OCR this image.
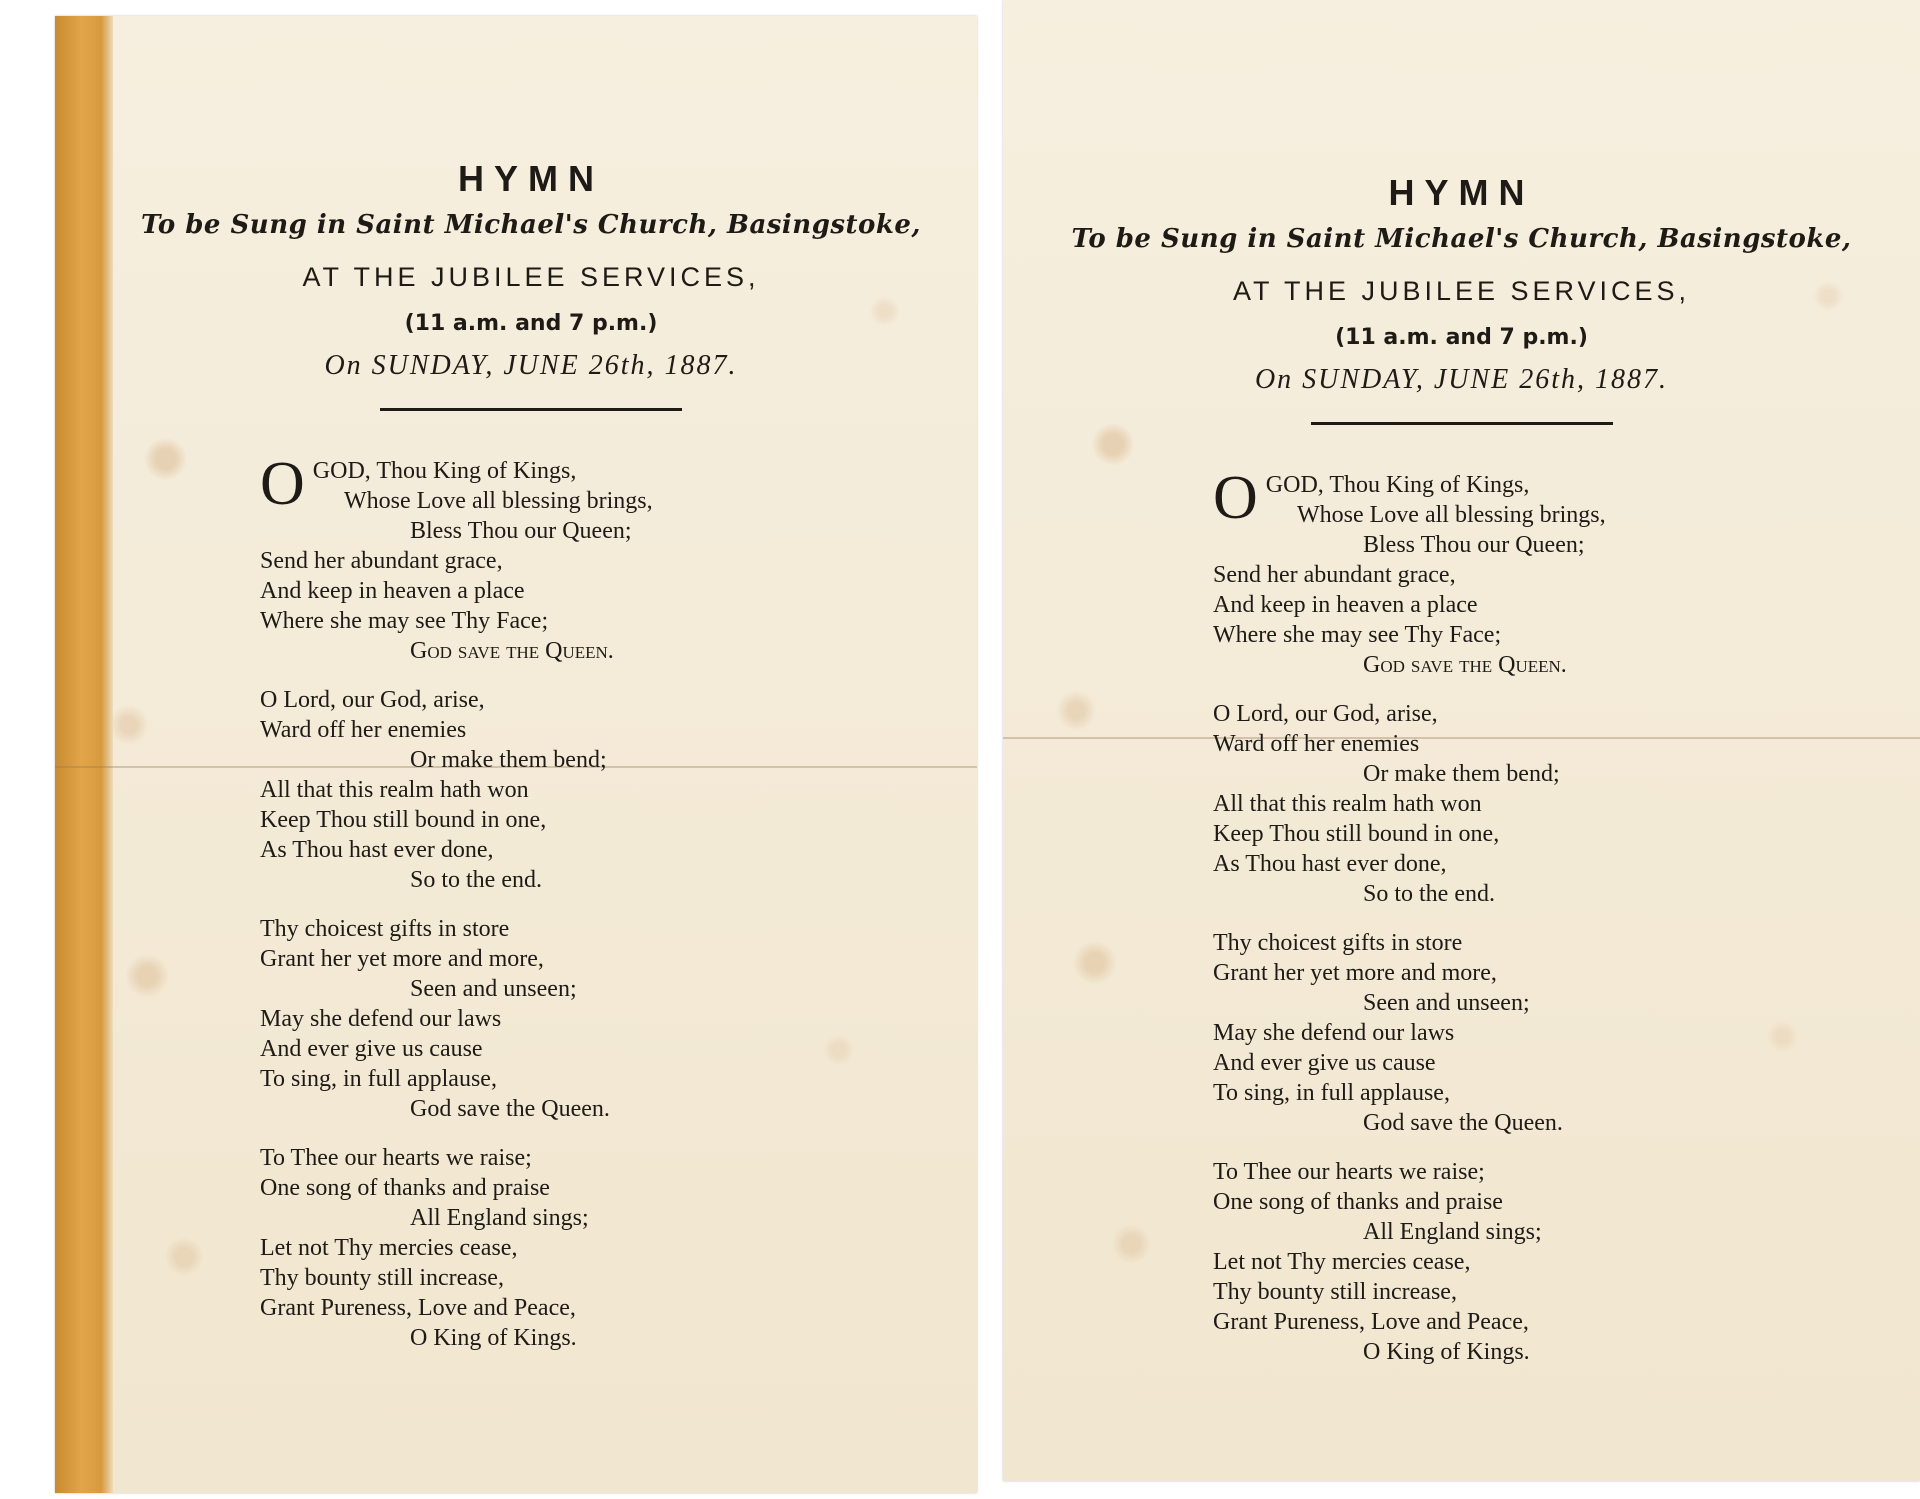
HYMN

To be Sung in Saint Michael's Church, Basingstoke,

AT THE JUBILEE SERVICES,

(11 a.m. and 7 p.m.)

On SUNDAY, JUNE 26th, 1887.

O GOD, Thou King of Kings,
Whose Love all blessing brings,
Bless Thou our Queen;
Send her abundant grace,
And keep in heaven a place
Where she may see Thy Face;
God save the Queen.
O Lord, our God, arise,
Ward off her enemies
Or make them bend;
All that this realm hath won
Keep Thou still bound in one,
As Thou hast ever done,
So to the end.
Thy choicest gifts in store
Grant her yet more and more,
Seen and unseen;
May she defend our laws
And ever give us cause
To sing, in full applause,
God save the Queen.
To Thee our hearts we raise;
One song of thanks and praise
All England sings;
Let not Thy mercies cease,
Thy bounty still increase,
Grant Pureness, Love and Peace,
O King of Kings.
HYMN

To be Sung in Saint Michael's Church, Basingstoke,

AT THE JUBILEE SERVICES,

(11 a.m. and 7 p.m.)

On SUNDAY, JUNE 26th, 1887.

O GOD, Thou King of Kings,
Whose Love all blessing brings,
Bless Thou our Queen;
Send her abundant grace,
And keep in heaven a place
Where she may see Thy Face;
God save the Queen.
O Lord, our God, arise,
Ward off her enemies
Or make them bend;
All that this realm hath won
Keep Thou still bound in one,
As Thou hast ever done,
So to the end.
Thy choicest gifts in store
Grant her yet more and more,
Seen and unseen;
May she defend our laws
And ever give us cause
To sing, in full applause,
God save the Queen.
To Thee our hearts we raise;
One song of thanks and praise
All England sings;
Let not Thy mercies cease,
Thy bounty still increase,
Grant Pureness, Love and Peace,
O King of Kings.
